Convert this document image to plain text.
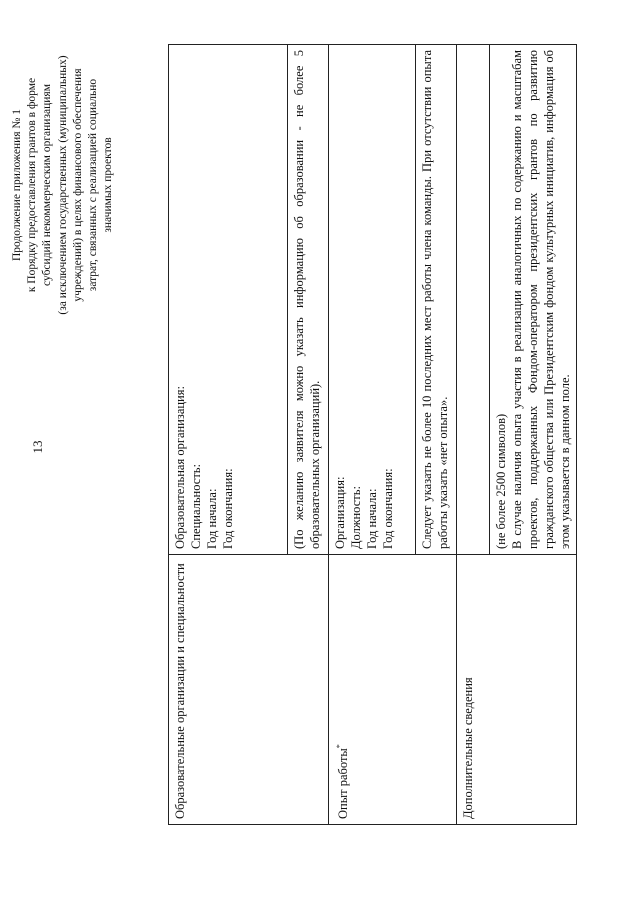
13
Продолжение приложения № 1 к Порядку предоставления грантов в форме субсидий некоммерческим организациям (за исключением государственных (муниципальных) учреждений) в целях финансового обеспечения затрат, связанных с реализацией социально значимых проектов
Образовательные организации и специальности	Образовательная организация: Специальность: Год начала: Год окончания:

	(По желанию заявителя можно указать информацию об образовании - не более 5 образовательных организаций).
Опыт работы*	Организация: Должность: Год начала: Год окончания:

	Следует указать не более 10 последних мест работы члена команды. При отсутствии опыта работы указать «нет опыта».
Дополнительные сведения	

	(не более 2500 символов) В случае наличия опыта участия в реализации аналогичных по содержанию и масштабам проектов, поддержанных Фондом-оператором президентских грантов по развитию гражданского общества или Президентским фондом культурных инициатив, информация об этом указывается в данном поле.
